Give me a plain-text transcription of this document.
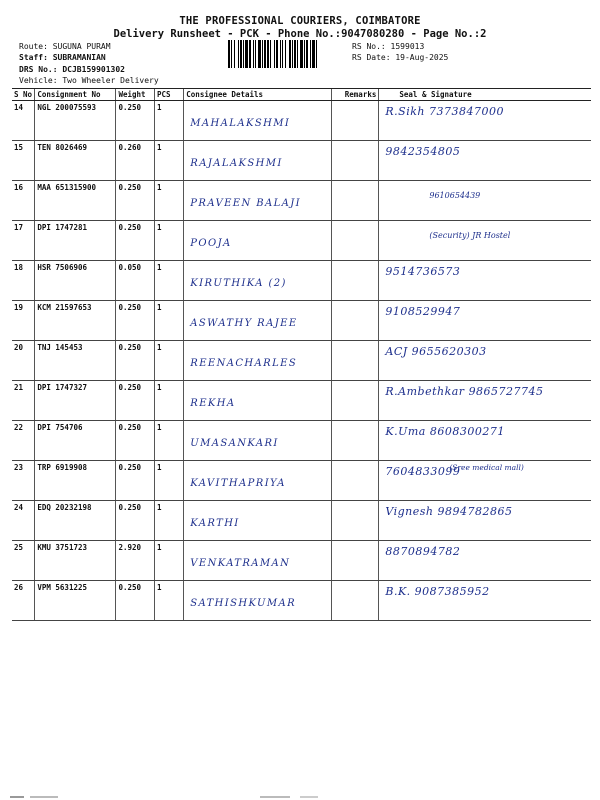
THE PROFESSIONAL COURIERS, COIMBATORE
Delivery Runsheet - PCK - Phone No.:9047080280 - Page No.:2
Route: SUGUNA PURAM
Staff: SUBRAMANIAN
DRS No.: DCJB159901302
Vehicle: Two Wheeler Delivery
RS No.: 1599013
RS Date: 19-Aug-2025
S No	Consignment No	Weight	PCS	Consignee Details	Remarks	Seal & Signature
14	NGL 200075593	0.250	1	MAHALAKSHMI		R.Sikh 7373847000

15	TEN 8026469	0.260	1	RAJALAKSHMI		9842354805

16	MAA 651315900	0.250	1	PRAVEEN BALAJI		9610654439

17	DPI 1747281	0.250	1	POOJA		(Security) JR Hostel

18	HSR 7506906	0.050	1	KIRUTHIKA (2)		9514736573

19	KCM 21597653	0.250	1	ASWATHY RAJEE		9108529947

20	TNJ 145453	0.250	1	REENACHARLES		ACJ 9655620303

21	DPI 1747327	0.250	1	REKHA		R.Ambethkar 9865727745

22	DPI 754706	0.250	1	UMASANKARI		K.Uma 8608300271

23	TRP 6919908	0.250	1	KAVITHAPRIYA		7604833099
(Sree medical mall)

24	EDQ 20232198	0.250	1	KARTHI		Vignesh 9894782865

25	KMU 3751723	2.920	1	VENKATRAMAN		8870894782

26	VPM 5631225	0.250	1	SATHISHKUMAR		B.K. 9087385952
